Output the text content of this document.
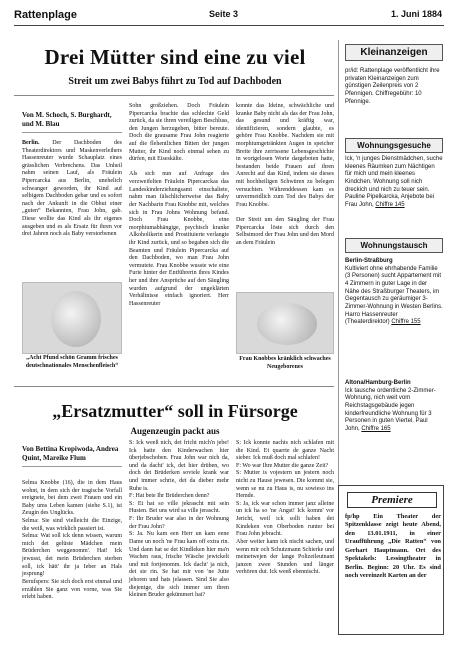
Rattenplage	Seite 3	1. Juni 1884
Drei Mütter sind eine zu viel
Streit um zwei Babys führt zu Tod auf Dachboden
Von M. Schoch, S. Burghardt, und M. Blau
Berlin. Der Dachboden des Theaterdirektors und Maskenverleihers Hassenreuter wurde Schauplatz eines grässlichen Verbrechens. Das Unheil nahm seinen Lauf, als Fräulein Pipercarcka aus Berlin, unehelich schwanger geworden, ihr Kind auf selbigem Dachboden gebar und es sofort nach der Ankunft in die Obhut einer „guten“ Bekannten, Frau John, gab. Diese wollte das Kind als ihr eigenes ausgeben und es als Ersatz für ihren vor drei Jahren noch als Baby verstorbenen
Sohn großziehen. Doch Fräulein Pipercarcka brachte das schlechte Geld zurück, da sie ihren vereiligen Beschluss, den Jungen herzugeben, bitter bereute. Doch die grausame Frau John reagierte auf die flehentlichen Bitten der jungen Mutter, ihr Kind noch einmal sehen zu dürfen, mit Eiseskälte.

Als sich nun auf Anfrage des verzweifelten Fräulein Pipercarckas das Landeskinderziehungsamt einschaltete, nahm man fälschlicherweise das Baby der Nachbarin Frau Knobbe mit, welches sich in Frau Johns Wohnung befand. Doch Frau Knobbe, eine morphiumabhängige, psychisch kranke Alkoholikerin und Prostituierte verlangte ihr Kind zurück, und so begaben sich die Beamten und Fräulein Pipercarcka auf den Dachboden, wo man Frau John vermutete. Frau Knobbe wusste wie eine Furie hinter der Entführerin ihres Kindes her und ihre Ansprüche auf den Säugling wurden aufgrund der ungeklärten Verhältnisse einfach ignoriert. Herr Hassenreuter
konnte das Ideine, schwächliche und kranke Baby nicht als das der Frau John, das gesund und kräftig war, identifizieren, sondern glaubte, es gehöre Frau Knobbe. Nachdem sie mit morphiumgetränkten Augen in speicher Breite ihre zerrissene Lebensgeschichte in wortgelosen Worte dargeboten hatte, bestanden beide Frauen auf ihren Anrecht auf das Kind, indem sie dieses mit hochheiligen Schwüren zu belegen versuchten. Währenddessen kam es unvermeidlich zum Tod des Babys der Frau Knobbe.

Der Streit um den Säugling der Frau Pipercarcka löste sich durch den Selbstmord der Frau John und den Mord an dem Fräulein
„Acht Pfund schön Gramm frisches deutschnationales Menschenfleisch“
Frau Knobbes kränklich schwaches Neugeborenes
„Ersatzmutter“ soll in Fürsorge
Augenzeugin packt aus
Von Bettina Kropiwoda, Andrea Quint, Mareike Flum
Selma Knobbe (16), die in dem Haus wohnt, in dem sich der tragische Vorfall ereignete, bei dem zwei Frauen und ein Baby ums Leben kamen (siehe S.1), ist Zeugin des Unglücks.
Selma: Sie sind vielleicht die Einzige, die weiß, was wirklich passiert ist.
Selma: Wat soll ick denn wissen, warum mich det gelüste Mädchen mein Brüderchen weggenomm'. Hat! Ick jewusst, det mein Brüderchen sterben soll, ick hätt' ihr ja Ieber an Hals jesprung!
Berufspers: Sie sich doch erst einmal und erzählen Sie ganz von vorne, was Sie erlebt haben.
S: Ick weeß nich, det fricht mich'n jebe! Ick hatte den Kinderwachen hier überjebschoben. Frau John war nich da, und da dacht' ick, det hier drüben, wo doch det Brüderken soviele krank war und immer schrie, det da dieber mehr Ruhe is.
F: Hat bete Ihr Brüderchen denn?
S: Et hat so ville jekrascht mit sein Husten. Bei uns wird sa ville jerascht.
F: Ihr Bruder war also in der Wohnung der Frau John?
S: Ja. Nu kam een Herr un kam eene Dame un noch 'ne Frau kam off extra rin. Und dann hat se det Kindleken hier ma'n Wachen raus, frische Wäsche jewickelt und mit fortjenomm. Ick dacht' ja nich, det sie rin. Se hat mir von 'ne Jutte jehoren und hats jelassen. Sind Sie also diejenige, die sich immer um ihren kleinen Bruder gekümmert hat?
S: Ick konnte nachts nich schlafen mit die Kind. Et quarrte de ganze Nacht sieber. Ick muß doch mal schlafen!
F: Wo war Ihre Mutter die ganze Zeit?
S: Mutter is vojestern un jestern noch nicht zu Hause jewesen. Die kommt sie, wenn se nu zu Haus is, nu sowieso ins Hemde.
S: Ja, ick war schon immer janz alleine un ick ha so 'ne Angst! Ick komm' vor Jericht, weil ick sollt haben det Kindeken von Oberboden runter bei Frau John jebracht.
Aber weiter kann ick nischt sachen, und wenn mir och Schutzmann Schierke und meinetwejen der lange Polizeileutnant janzen zwee Stunden und länger verhören dut. Ick weeß ebennischt.
Kleinanzeigen
pr/id: Rattenplage veröffentlicht ihre privaten Kleinanzeigen zum günstigen Zeilenpreis von 2 Pfennigen. Chiffregebühr: 10 Pfennige.
Wohnungsgesuche
Ick, 'n junges Dienstmädchen, suche kleenes Räumken zum Nächtigen für mich und mein kleenes Kindchen. Wohnung soll nich dreckich und nich zu teuer sein. Pauline Pipelkarcka, Anjebote bei Frau John, Chiffre 145
Wohnungstausch
Berlin-Straßburg
Kultiviert ohne ehrhabende Familie (3 Personen) sucht Appartement mit 4 Zimmern in guter Lage in der Nähe des Straßburger Theaters, im Gegentausch zu geräumiger 3-Zimmer-Wohnung in Westen Berlins. Harro Hassenreuter (Theaterdirektor) Chiffre 155
Altona/Hamburg-Berlin
Ick tausche ordentliche 2-Zimmer-Wohnung, nich weit vom Reichstagsgebäude jegen kinderfreundliche Wohnung für 3 Personen in guten Viertel. Paul John, Chiffre 165
Premiere
fp/hp Ein Theater der Spitzenklasse zeigt heute Abend, den 13.01.1911, in einer Uraufführung „Die Ratten“ von Gerhart Hauptmann. Ort des Spektakels: Lessingtheater in Berlin. Beginn: 20 Uhr. Es sind noch vereinzelt Karten an der
